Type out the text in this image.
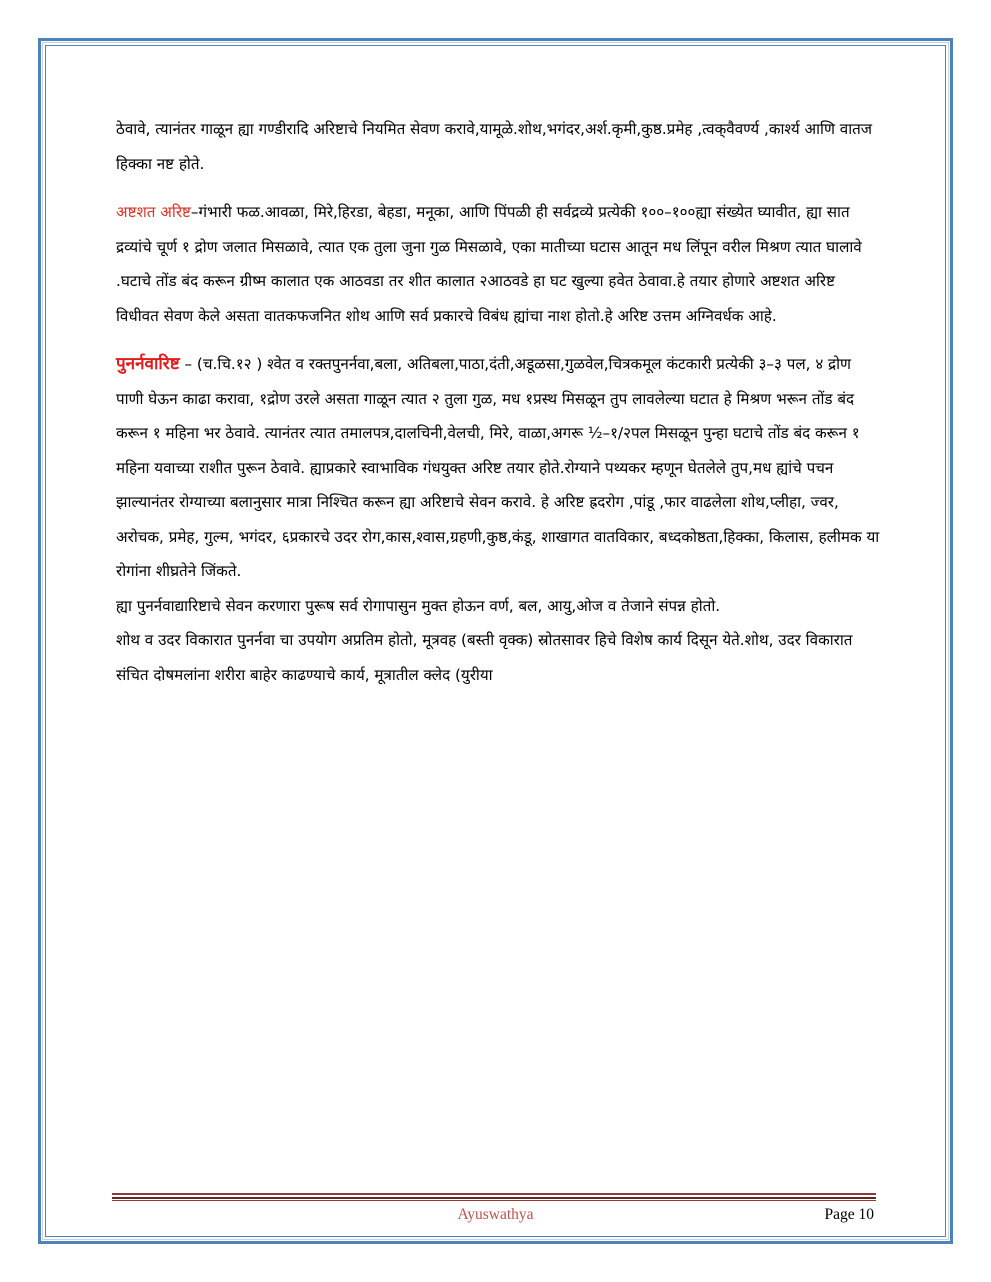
ठेवावे, त्यानंतर गाळून ह्या गण्डीरादि अरिष्टाचे नियमित सेवण करावे,यामूळे.शोथ,भगंदर,अर्श.कृमी,कुष्ठ.प्रमेह ,त्वक्‌वैवर्ण्य ,कार्श्य आणि वातज हिक्का नष्ट होते.

अष्टशत अरिष्ट–गंभारी फळ.आवळा, मिरे,हिरडा, बेहडा, मनूका, आणि पिंपळी ही सर्वद्रव्ये प्रत्येकी १००–१००ह्या संख्येत घ्यावीत, ह्या सात द्रव्यांचे चूर्ण १ द्रोण जलात मिसळावे, त्यात एक तुला जुना गुळ मिसळावे, एका मातीच्या घटास आतून मध लिंपून वरील मिश्रण त्यात घालावे .घटाचे तोंड बंद करून ग्रीष्म कालात एक आठवडा तर शीत कालात २आठवडे हा घट खुल्या हवेत ठेवावा.हे तयार होणारे अष्टशत अरिष्ट विधीवत सेवण केले असता वातकफजनित शोथ आणि सर्व प्रकारचे विबंध ह्यांचा नाश होतो.हे अरिष्ट उत्तम अग्निवर्धक आहे.

पुनर्नवारिष्ट – (च.चि.१२ ) श्वेत व रक्तपुनर्नवा,बला, अतिबला,पाठा,दंती,अडूळसा,गुळवेल,चित्रकमूल कंटकारी प्रत्येकी ३–३ पल, ४ द्रोण पाणी घेऊन काढा करावा, १द्रोण उरले असता गाळून त्यात २ तुला गुळ, मध १प्रस्थ मिसळून तुप लावलेल्या घटात हे मिश्रण भरून तोंड बंद करून १ महिना भर ठेवावे. त्यानंतर त्यात तमालपत्र,दालचिनी,वेलची, मिरे, वाळा,अगरू ½–१/२पल मिसळून पुन्हा घटाचे तोंड बंद करून १ महिना यवाच्या राशीत पुरून ठेवावे. ह्याप्रकारे स्वाभाविक गंधयुक्त अरिष्ट तयार होते.रोग्याने पथ्यकर म्हणून घेतलेले तुप,मध ह्यांचे पचन झाल्यानंतर रोग्याच्या बलानुसार मात्रा निश्चित करून ह्या अरिष्टाचे सेवन करावे. हे अरिष्ट ह्रदरोग ,पांडू ,फार वाढलेला शोथ,प्लीहा, ज्वर, अरोचक, प्रमेह, गुल्म, भगंदर, ६प्रकारचे उदर रोग,कास,श्वास,ग्रहणी,कुष्ठ,कंडू, शाखागत वातविकार, बध्दकोष्ठता,हिक्का, किलास, हलीमक या रोगांना शीघ्रतेने जिंकते.

ह्या पुनर्नवाद्यारिष्टाचे सेवन करणारा पुरूष सर्व रोगापासुन मुक्त होऊन वर्ण, बल, आयु,ओज व तेजाने संपन्न होतो.

शोथ व उदर विकारात पुनर्नवा चा उपयोग अप्रतिम होतो, मूत्रवह (बस्ती वृक्क) स्रोतसावर हिचे विशेष कार्य दिसून येते.शोथ, उदर विकारात संचित दोषमलांना शरीरा बाहेर काढण्याचे कार्य, मूत्रातील क्लेद (युरीया

Ayuswathya	Page 10
